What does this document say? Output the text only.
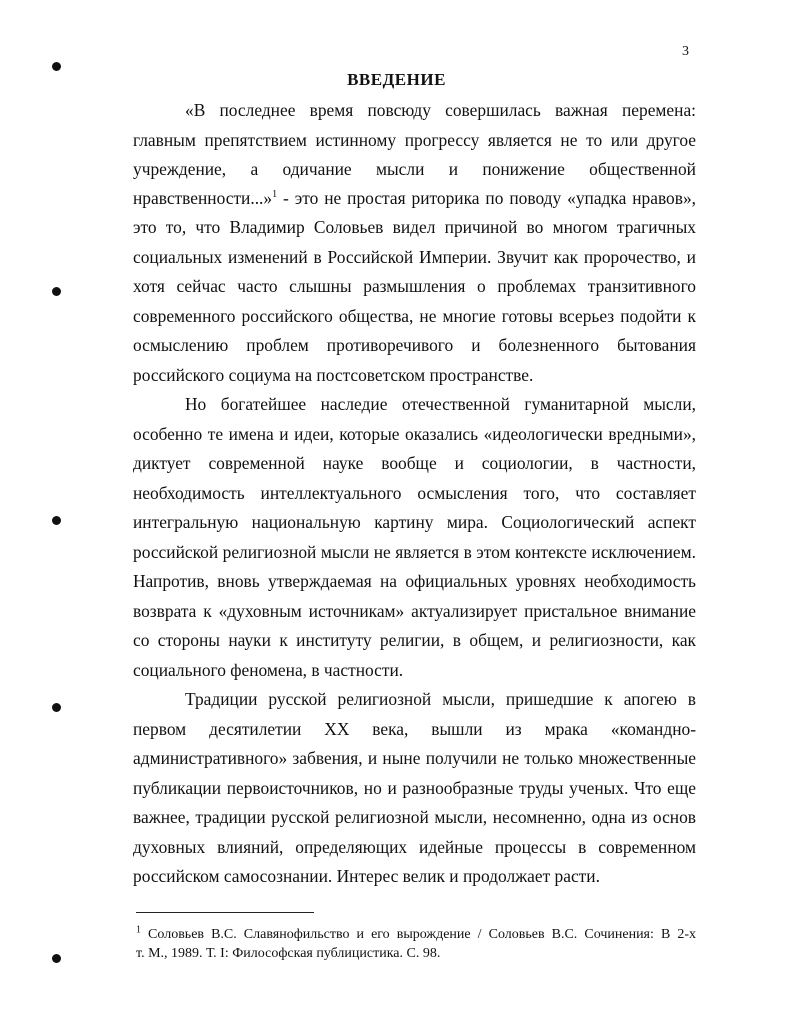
3
ВВЕДЕНИЕ
«В последнее время повсюду совершилась важная перемена:
главным препятствием истинному прогрессу является не то или другое
учреждение, а одичание мысли и понижение общественной
нравственности...»$^1$ - это не простая риторика по поводу «упадка нравов»,
это то, что Владимир Соловьев видел причиной во многом трагичных
социальных изменений в Российской Империи. Звучит как пророчество, и
хотя сейчас часто слышны размышления о проблемах транзитивного
современного российского общества, не многие готовы всерьез подойти к
осмыслению проблем противоречивого и болезненного бытования
российского социума на постсоветском пространстве.
Но богатейшее наследие отечественной гуманитарной мысли,
особенно те имена и идеи, которые оказались «идеологически вредными»,
диктует современной науке вообще и социологии, в частности,
необходимость интеллектуального осмысления того, что составляет
интегральную национальную картину мира. Социологический аспект
российской религиозной мысли не является в этом контексте исключением.
Напротив, вновь утверждаемая на официальных уровнях необходимость
возврата к «духовным источникам» актуализирует пристальное внимание
со стороны науки к институту религии, в общем, и религиозности, как
социального феномена, в частности.
Традиции русской религиозной мысли, пришедшие к апогею в
первом десятилетии XX века, вышли из мрака «командно-
административного» забвения, и ныне получили не только множественные
публикации первоисточников, но и разнообразные труды ученых. Что еще
важнее, традиции русской религиозной мысли, несомненно, одна из основ
духовных влияний, определяющих идейные процессы в современном
российском самосознании. Интерес велик и продолжает расти.
$^1$ Соловьев В.С. Славянофильство и его вырождение / Соловьев В.С. Сочинения: В 2-х
т. М., 1989. Т. I: Философская публицистика. С. 98.
